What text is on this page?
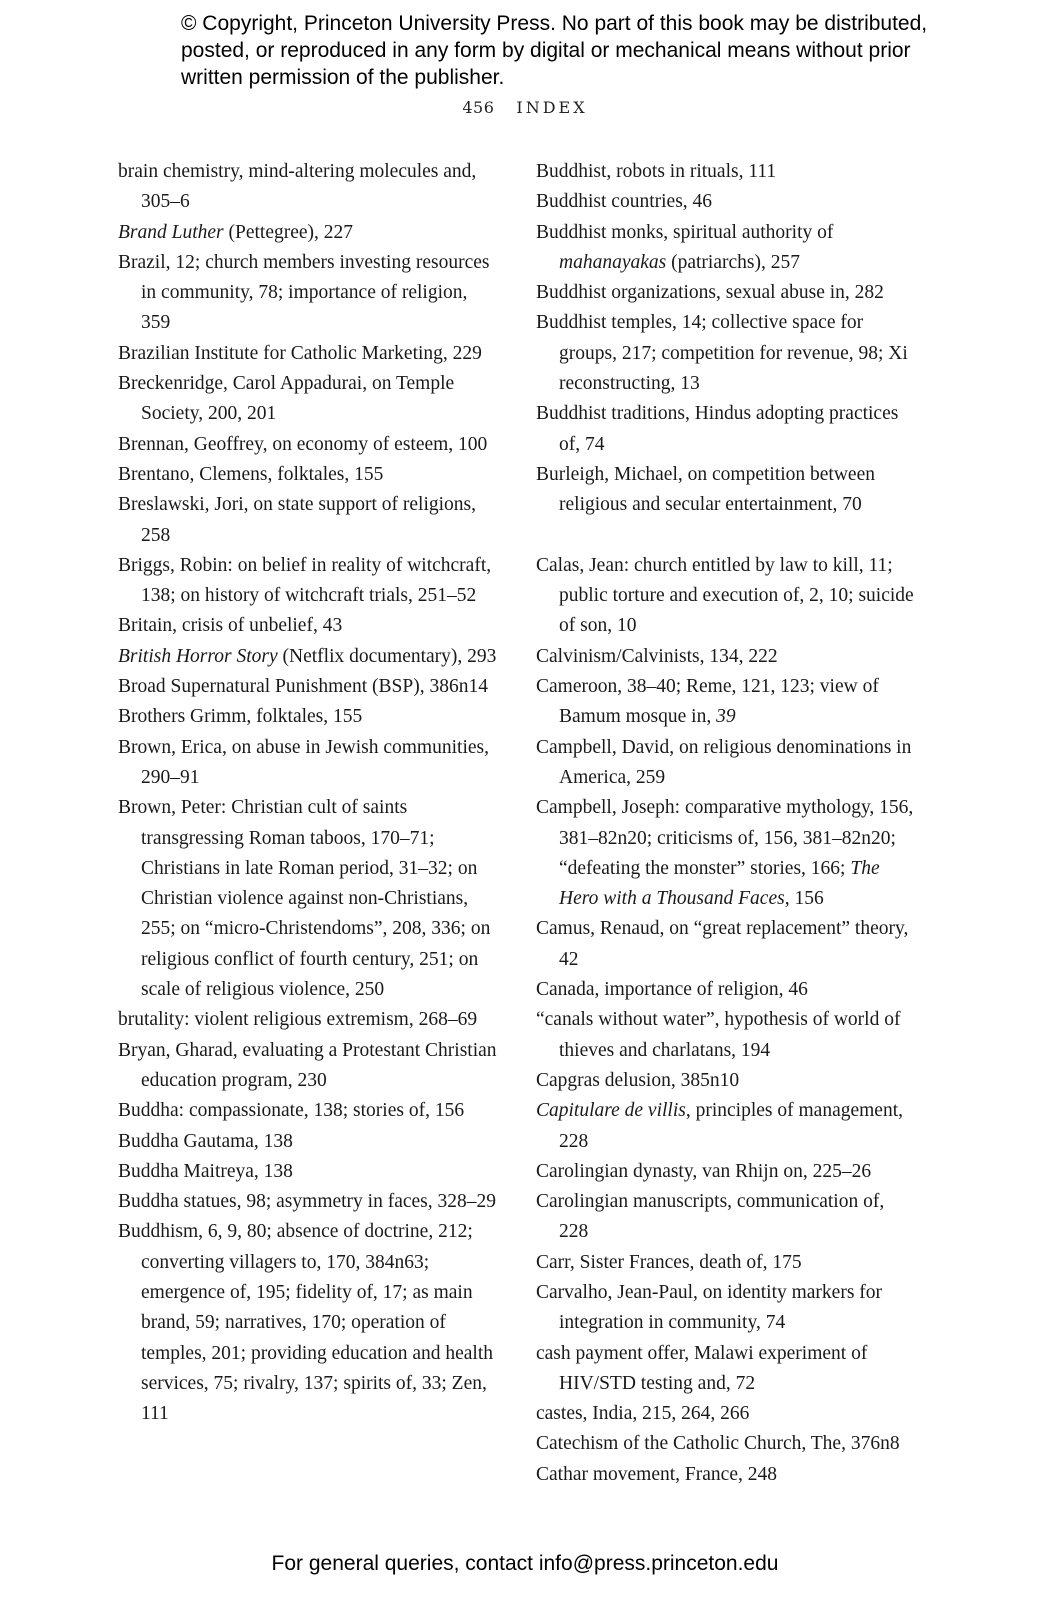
© Copyright, Princeton University Press. No part of this book may be distributed, posted, or reproduced in any form by digital or mechanical means without prior written permission of the publisher.
456 INDEX

brain chemistry, mind-altering molecules and, 305–6

Brand Luther (Pettegree), 227

Brazil, 12; church members investing resources in community, 78; importance of religion, 359

Brazilian Institute for Catholic Marketing, 229

Breckenridge, Carol Appadurai, on Temple Society, 200, 201

Brennan, Geoffrey, on economy of esteem, 100

Brentano, Clemens, folktales, 155

Breslawski, Jori, on state support of religions, 258

Briggs, Robin: on belief in reality of witchcraft, 138; on history of witchcraft trials, 251–52

Britain, crisis of unbelief, 43

British Horror Story (Netflix documentary), 293

Broad Supernatural Punishment (BSP), 386n14

Brothers Grimm, folktales, 155

Brown, Erica, on abuse in Jewish communities, 290–91

Brown, Peter: Christian cult of saints transgressing Roman taboos, 170–71; Christians in late Roman period, 31–32; on Christian violence against non-Christians, 255; on “micro-Christendoms”, 208, 336; on religious conflict of fourth century, 251; on scale of religious violence, 250

brutality: violent religious extremism, 268–69

Bryan, Gharad, evaluating a Protestant Christian education program, 230

Buddha: compassionate, 138; stories of, 156

Buddha Gautama, 138

Buddha Maitreya, 138

Buddha statues, 98; asymmetry in faces, 328–29

Buddhism, 6, 9, 80; absence of doctrine, 212; converting villagers to, 170, 384n63; emergence of, 195; fidelity of, 17; as main brand, 59; narratives, 170; operation of temples, 201; providing education and health services, 75; rivalry, 137; spirits of, 33; Zen, 111

Buddhist, robots in rituals, 111

Buddhist countries, 46

Buddhist monks, spiritual authority of mahanayakas (patriarchs), 257

Buddhist organizations, sexual abuse in, 282

Buddhist temples, 14; collective space for groups, 217; competition for revenue, 98; Xi reconstructing, 13

Buddhist traditions, Hindus adopting practices of, 74

Burleigh, Michael, on competition between religious and secular entertainment, 70

Calas, Jean: church entitled by law to kill, 11; public torture and execution of, 2, 10; suicide of son, 10

Calvinism/Calvinists, 134, 222

Cameroon, 38–40; Reme, 121, 123; view of Bamum mosque in, 39

Campbell, David, on religious denominations in America, 259

Campbell, Joseph: comparative mythology, 156, 381–82n20; criticisms of, 156, 381–82n20; “defeating the monster” stories, 166; The Hero with a Thousand Faces, 156

Camus, Renaud, on “great replacement” theory, 42

Canada, importance of religion, 46

“canals without water”, hypothesis of world of thieves and charlatans, 194

Capgras delusion, 385n10

Capitulare de villis, principles of management, 228

Carolingian dynasty, van Rhijn on, 225–26

Carolingian manuscripts, communication of, 228

Carr, Sister Frances, death of, 175

Carvalho, Jean-Paul, on identity markers for integration in community, 74

cash payment offer, Malawi experiment of HIV/STD testing and, 72

castes, India, 215, 264, 266

Catechism of the Catholic Church, The, 376n8

Cathar movement, France, 248

For general queries, contact info@press.princeton.edu
